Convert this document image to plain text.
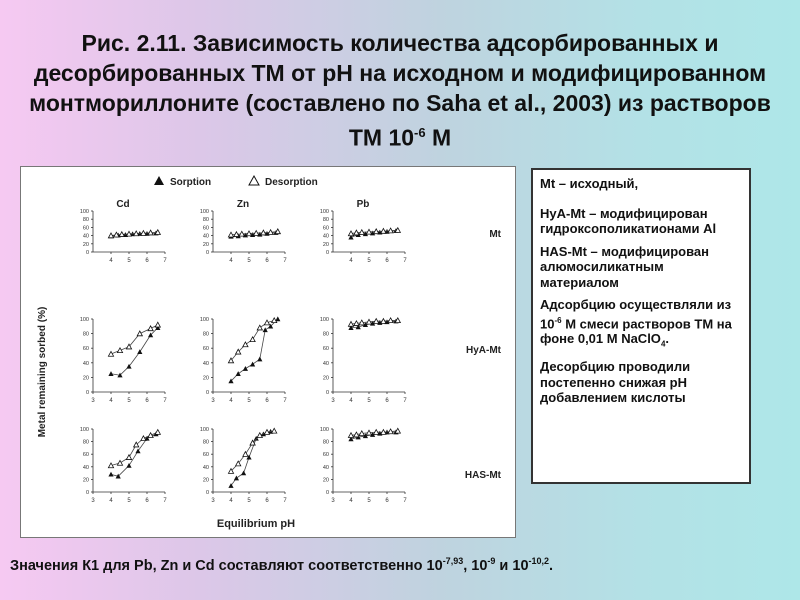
Рис. 2.11. Зависимость количества адсорбированных и десорбированных ТМ от рН на исходном и модифицированном монтмориллоните (составлено по Saha et al., 2003) из растворов ТМ $10^{-6}$ М
Sorption	Desorption
Cd	Zn	Pb
Mt
HyA-Mt
HAS-Mt
Metal remaining sorbed (%)
Equilibrium pH
0
20
40
60
80
100
4 5 6 7
0
20
40
60
80
100
4 5 6 7
0
20
40
60
80
100
4 5 6 7
0
20
40
60
80
100
3 4 5 6 7
0
20
40
60
80
100
3 4 5 6 7
0
20
40
60
80
100
3 4 5 6 7
0
20
40
60
80
100
3 4 5 6 7
0
20
40
60
80
100
3 4 5 6 7
0
20
40
60
80
100
3 4 5 6 7

Mt – исходный,

HyA-Mt – модифицирован гидроксополикатионами Al

HAS-Mt – модифицирован алюмосиликатным материалом

Адсорбцию осуществляли из $10^{-6}$ М смеси растворов ТМ на фоне 0,01 М NaClO$_4$.

Десорбцию проводили постепенно снижая рН добавлением кислоты

Значения К1 для Pb, Zn и Cd составляют соответственно $10^{-7,93}$, $10^{-9}$ и $10^{-10,2}$.
